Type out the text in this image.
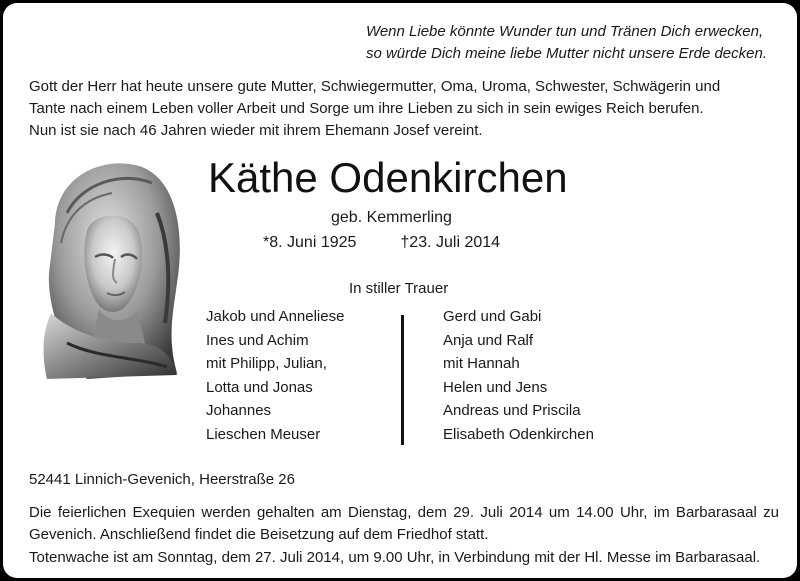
Wenn Liebe könnte Wunder tun und Tränen Dich erwecken,
so würde Dich meine liebe Mutter nicht unsere Erde decken.
Gott der Herr hat heute unsere gute Mutter, Schwiegermutter, Oma, Uroma, Schwester, Schwägerin und
Tante nach einem Leben voller Arbeit und Sorge um ihre Lieben zu sich in sein ewiges Reich berufen.
Nun ist sie nach 46 Jahren wieder mit ihrem Ehemann Josef vereint.
Käthe Odenkirchen
geb. Kemmerling
*8. Juni 1925	†23. Juli 2014
In stiller Trauer
Jakob und Anneliese
Ines und Achim
mit Philipp, Julian,
Lotta und Jonas
Johannes
Lieschen Meuser
Gerd und Gabi
Anja und Ralf
mit Hannah
Helen und Jens
Andreas und Priscila
Elisabeth Odenkirchen
52441 Linnich-Gevenich, Heerstraße 26
Die feierlichen Exequien werden gehalten am Dienstag, dem 29. Juli 2014 um 14.00 Uhr, im Barbarasaal zu
Gevenich. Anschließend findet die Beisetzung auf dem Friedhof statt.
Totenwache ist am Sonntag, dem 27. Juli 2014, um 9.00 Uhr, in Verbindung mit der Hl. Messe im Barbarasaal.
